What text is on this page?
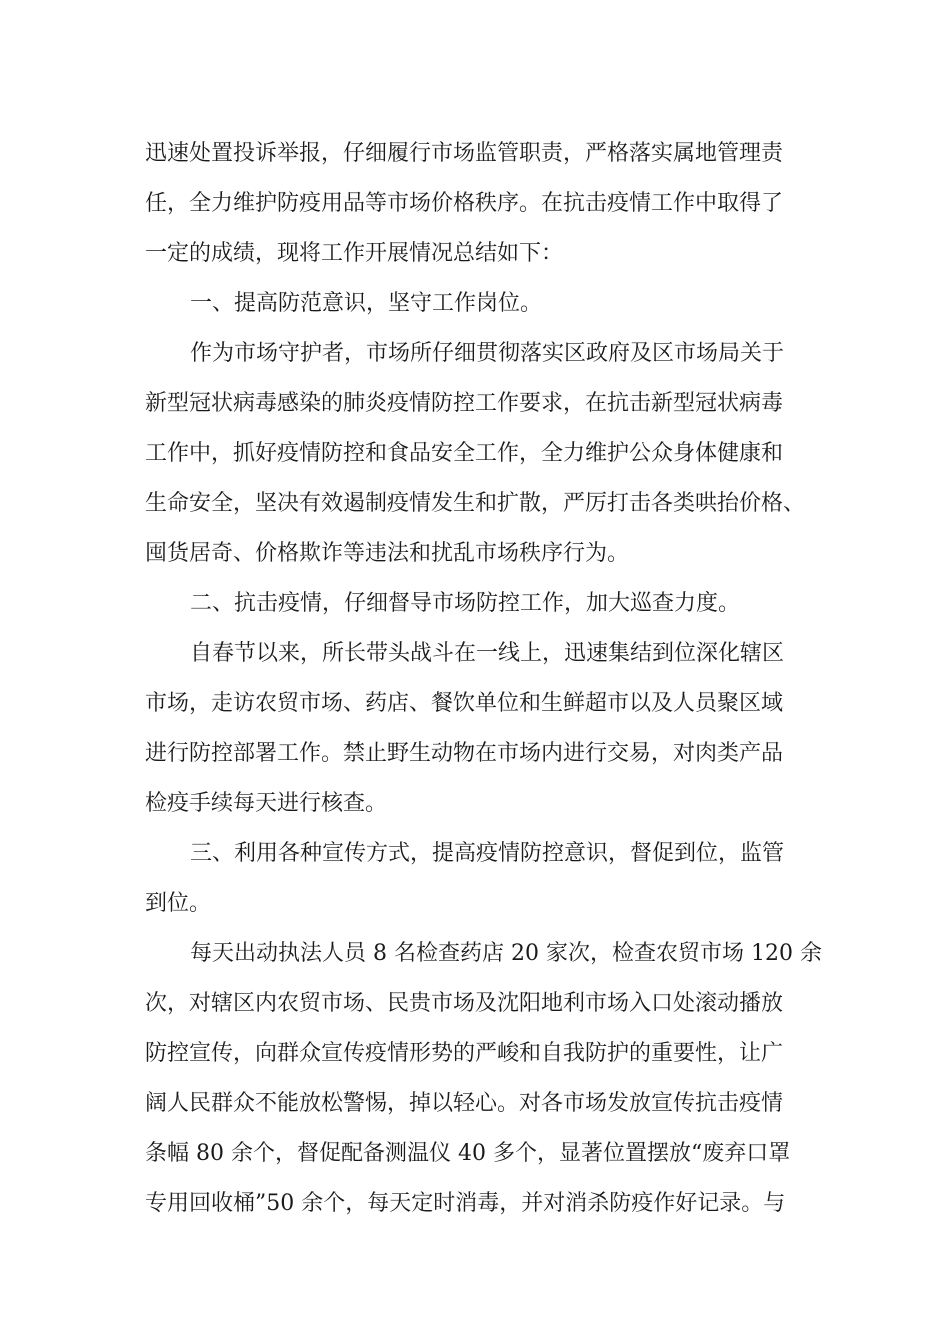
迅速处置投诉举报，仔细履行市场监管职责，严格落实属地管理责
任，全力维护防疫用品等市场价格秩序。在抗击疫情工作中取得了
一定的成绩，现将工作开展情况总结如下：
一、提高防范意识，坚守工作岗位。
作为市场守护者，市场所仔细贯彻落实区政府及区市场局关于
新型冠状病毒感染的肺炎疫情防控工作要求，在抗击新型冠状病毒
工作中，抓好疫情防控和食品安全工作，全力维护公众身体健康和
生命安全，坚决有效遏制疫情发生和扩散，严厉打击各类哄抬价格、
囤货居奇、价格欺诈等违法和扰乱市场秩序行为。
二、抗击疫情，仔细督导市场防控工作，加大巡查力度。
自春节以来，所长带头战斗在一线上，迅速集结到位深化辖区
市场，走访农贸市场、药店、餐饮单位和生鲜超市以及人员聚区域
进行防控部署工作。禁止野生动物在市场内进行交易，对肉类产品
检疫手续每天进行核查。
三、利用各种宣传方式，提高疫情防控意识，督促到位，监管
到位。
每天出动执法人员 8 名检查药店 20 家次，检查农贸市场 120 余
次，对辖区内农贸市场、民贵市场及沈阳地利市场入口处滚动播放
防控宣传，向群众宣传疫情形势的严峻和自我防护的重要性，让广
阔人民群众不能放松警惕，掉以轻心。对各市场发放宣传抗击疫情
条幅 80 余个，督促配备测温仪 40 多个，显著位置摆放“废弃口罩
专用回收桶”50 余个，每天定时消毒，并对消杀防疫作好记录。与
